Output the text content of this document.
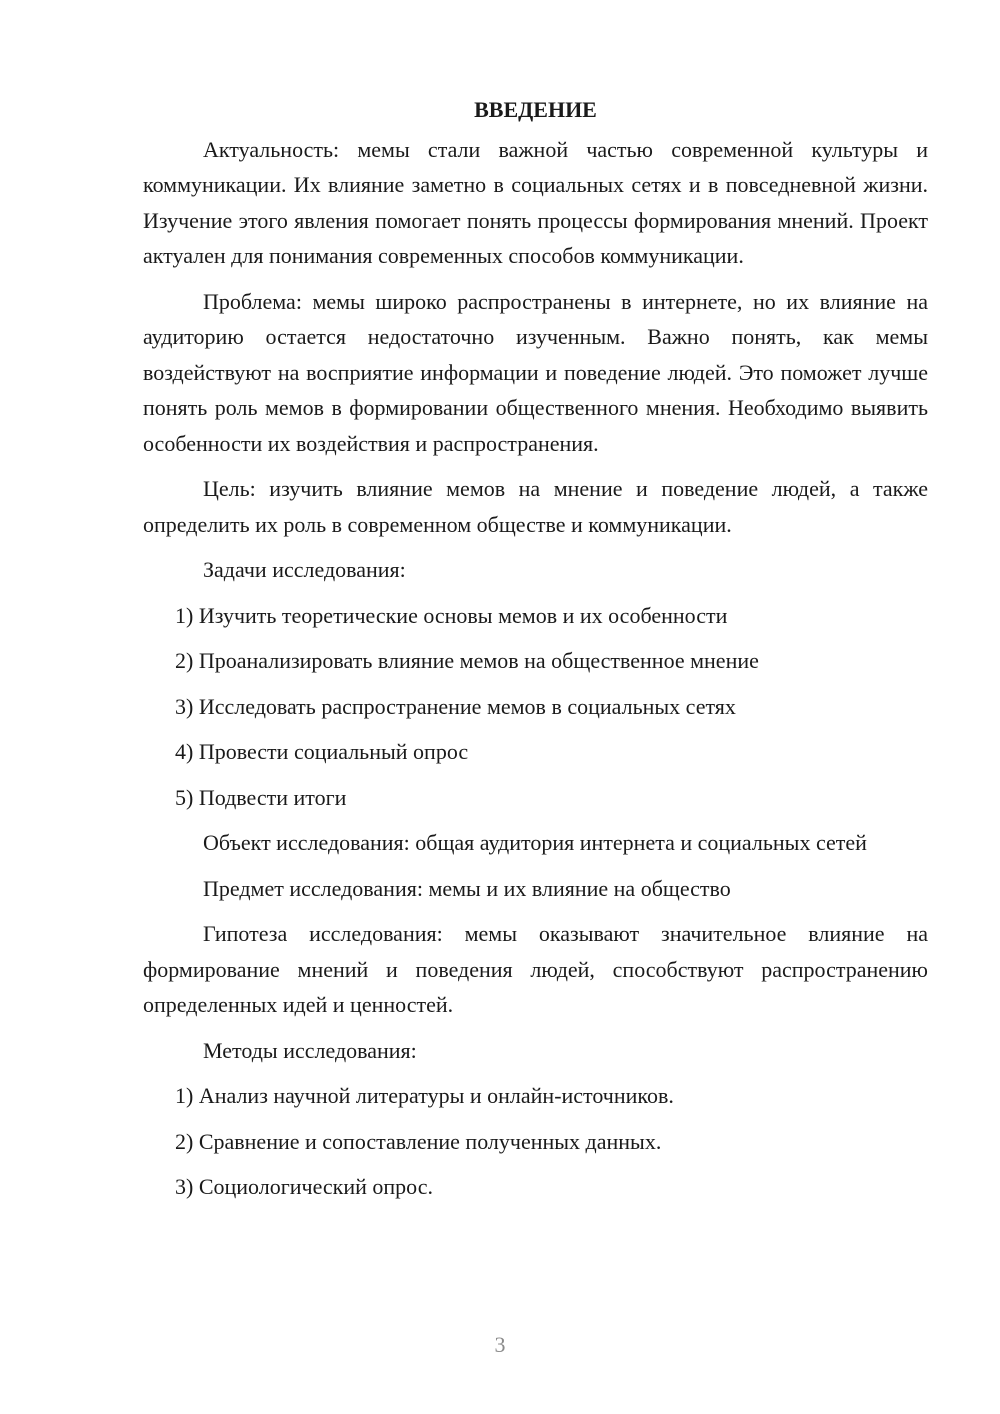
ВВЕДЕНИЕ

Актуальность: мемы стали важной частью современной культуры и коммуникации. Их влияние заметно в социальных сетях и в повседневной жизни. Изучение этого явления помогает понять процессы формирования мнений. Проект актуален для понимания современных способов коммуникации.

Проблема: мемы широко распространены в интернете, но их влияние на аудиторию остается недостаточно изученным. Важно понять, как мемы воздействуют на восприятие информации и поведение людей. Это поможет лучше понять роль мемов в формировании общественного мнения. Необходимо выявить особенности их воздействия и распространения.

Цель: изучить влияние мемов на мнение и поведение людей, а также определить их роль в современном обществе и коммуникации.

Задачи исследования:
1) Изучить теоретические основы мемов и их особенности
2) Проанализировать влияние мемов на общественное мнение
3) Исследовать распространение мемов в социальных сетях
4) Провести социальный опрос
5) Подвести итоги

Объект исследования: общая аудитория интернета и социальных сетей

Предмет исследования: мемы и их влияние на общество

Гипотеза исследования: мемы оказывают значительное влияние на формирование мнений и поведения людей, способствуют распространению определенных идей и ценностей.

Методы исследования:
1) Анализ научной литературы и онлайн-источников.
2) Сравнение и сопоставление полученных данных.
3) Социологический опрос.
3
